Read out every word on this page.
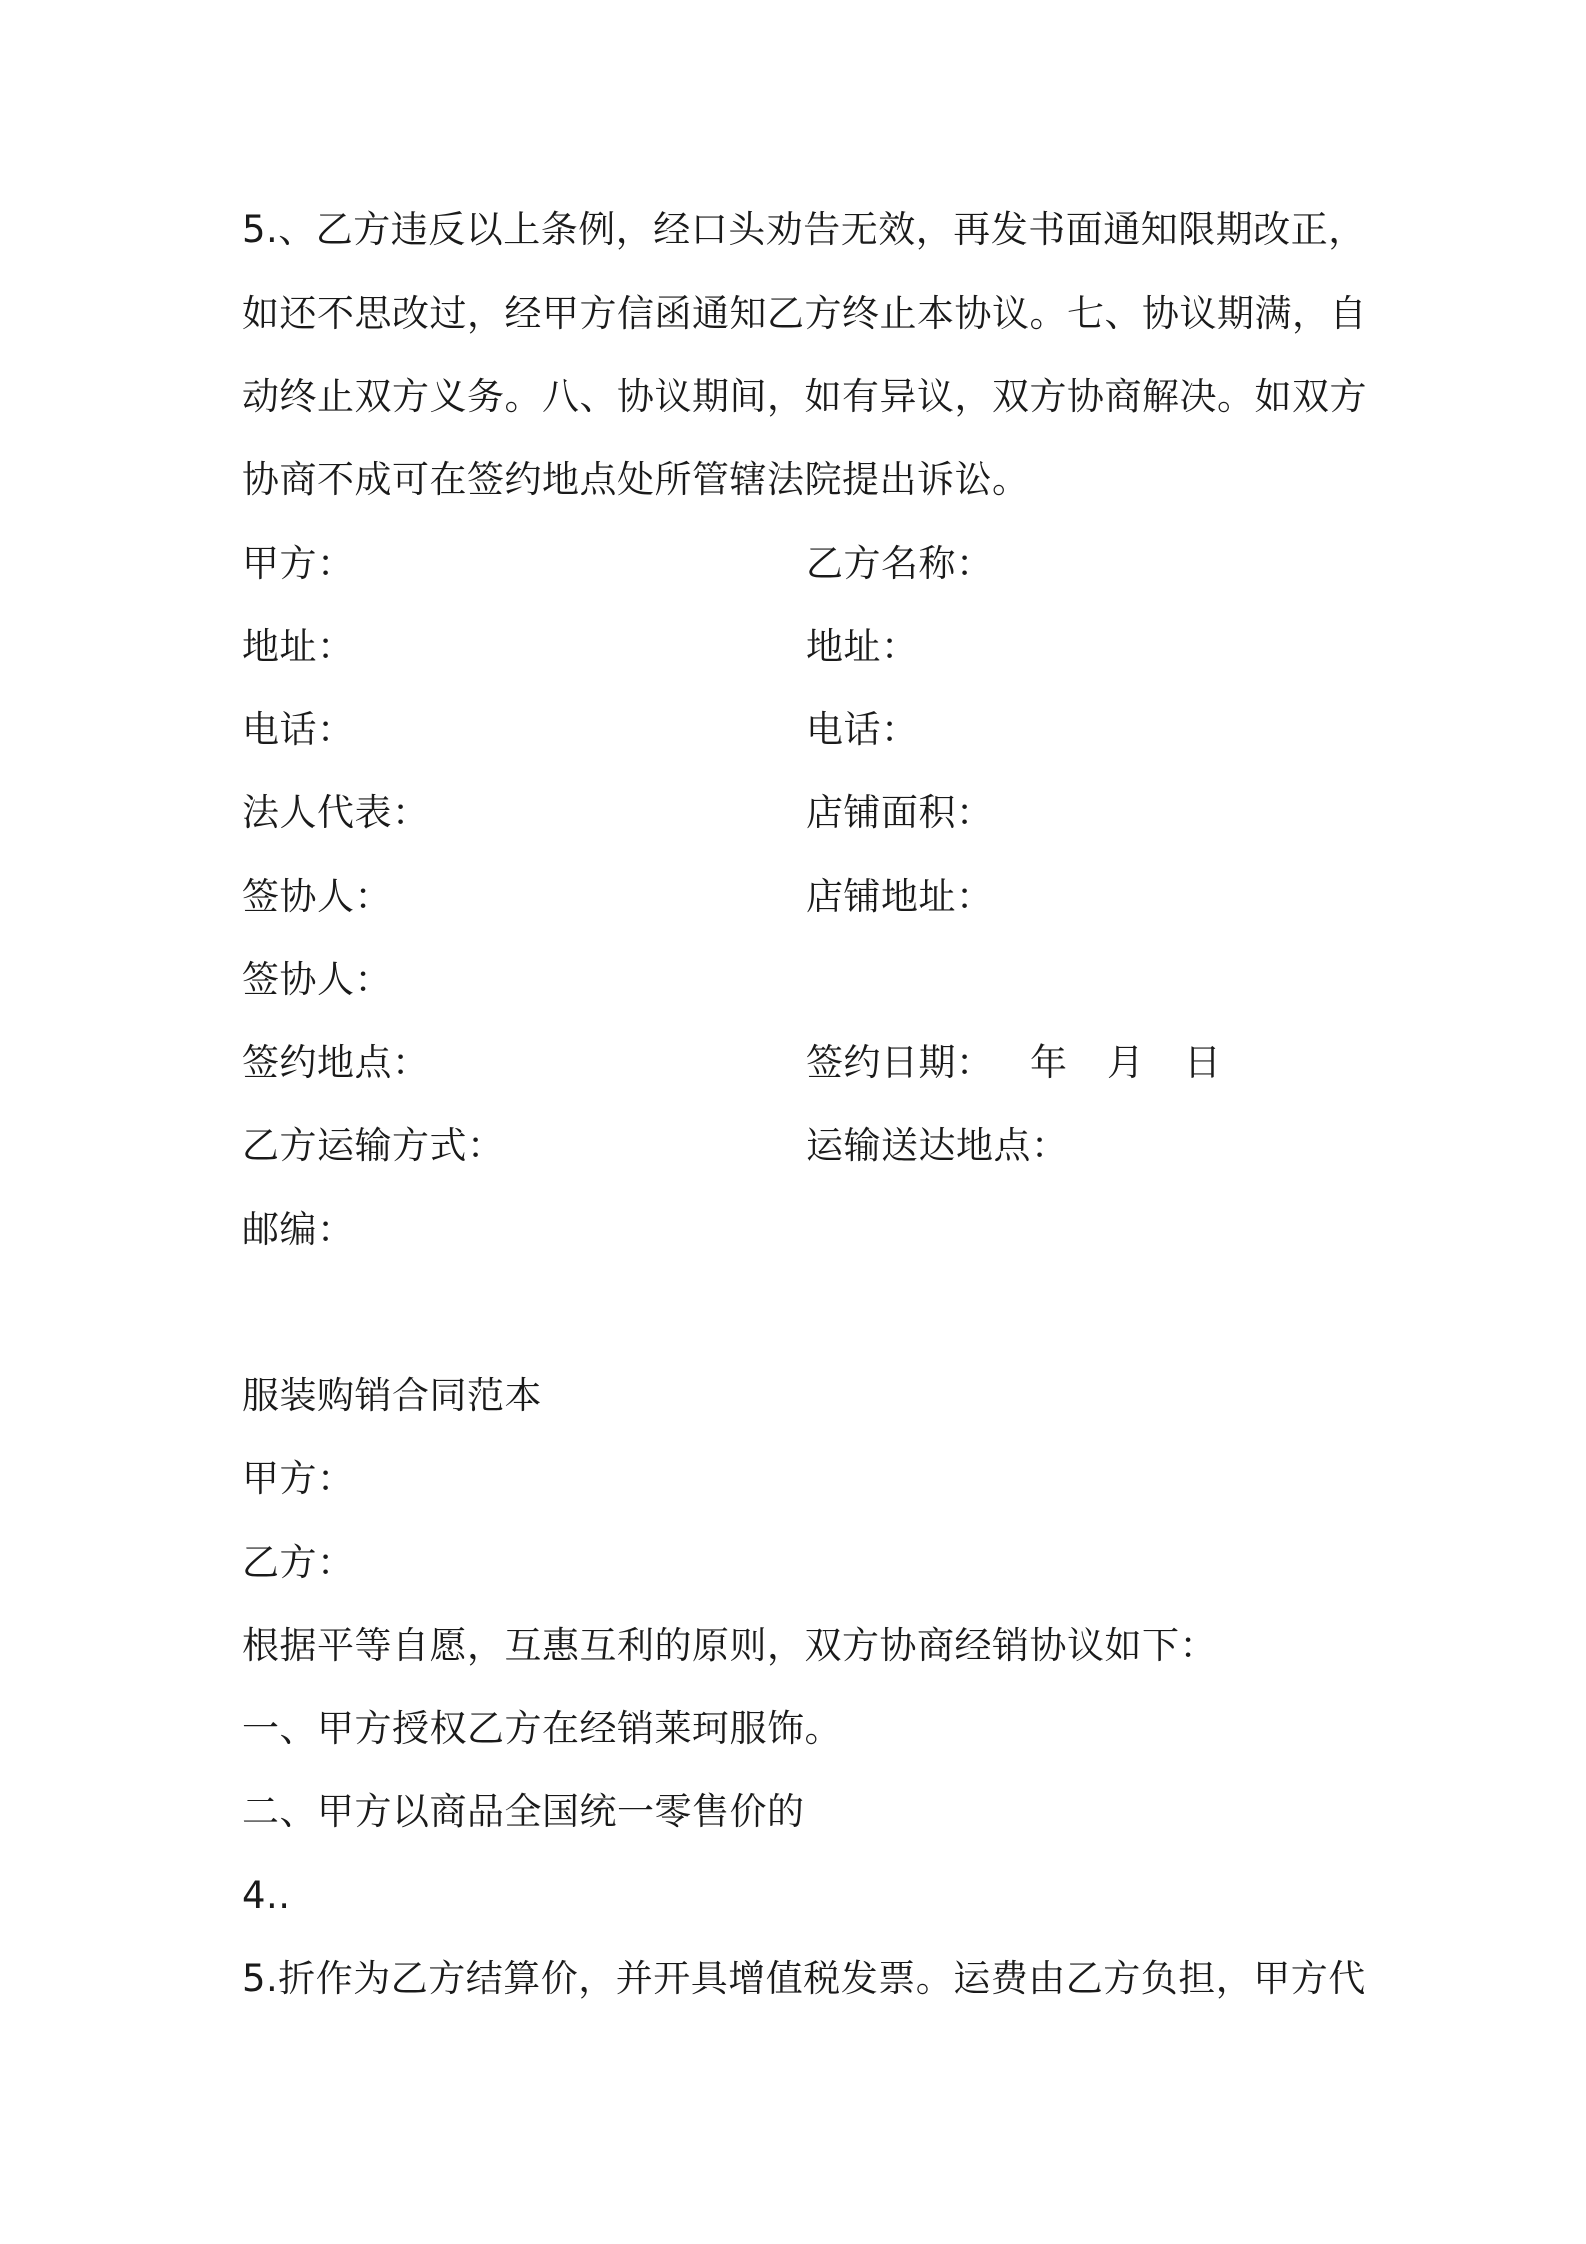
5.、乙方违反以上条例，经口头劝告无效，再发书面通知限期改正，
如还不思改过，经甲方信函通知乙方终止本协议。七、协议期满，自
动终止双方义务。八、协议期间，如有异议，双方协商解决。如双方
协商不成可在签约地点处所管辖法院提出诉讼。
甲方：
地址：
电话：
法人代表：
签协人：
签协人：
签约地点：
乙方运输方式：
邮编：
乙方名称：
地址：
电话：
店铺面积：
店铺地址：
签约日期： 年 月 日
运输送达地点：
服装购销合同范本
甲方：
乙方：
根据平等自愿，互惠互利的原则，双方协商经销协议如下：
一、甲方授权乙方在经销莱珂服饰。
二、甲方以商品全国统一零售价的
4..
5.折作为乙方结算价，并开具增值税发票。运费由乙方负担，甲方代
